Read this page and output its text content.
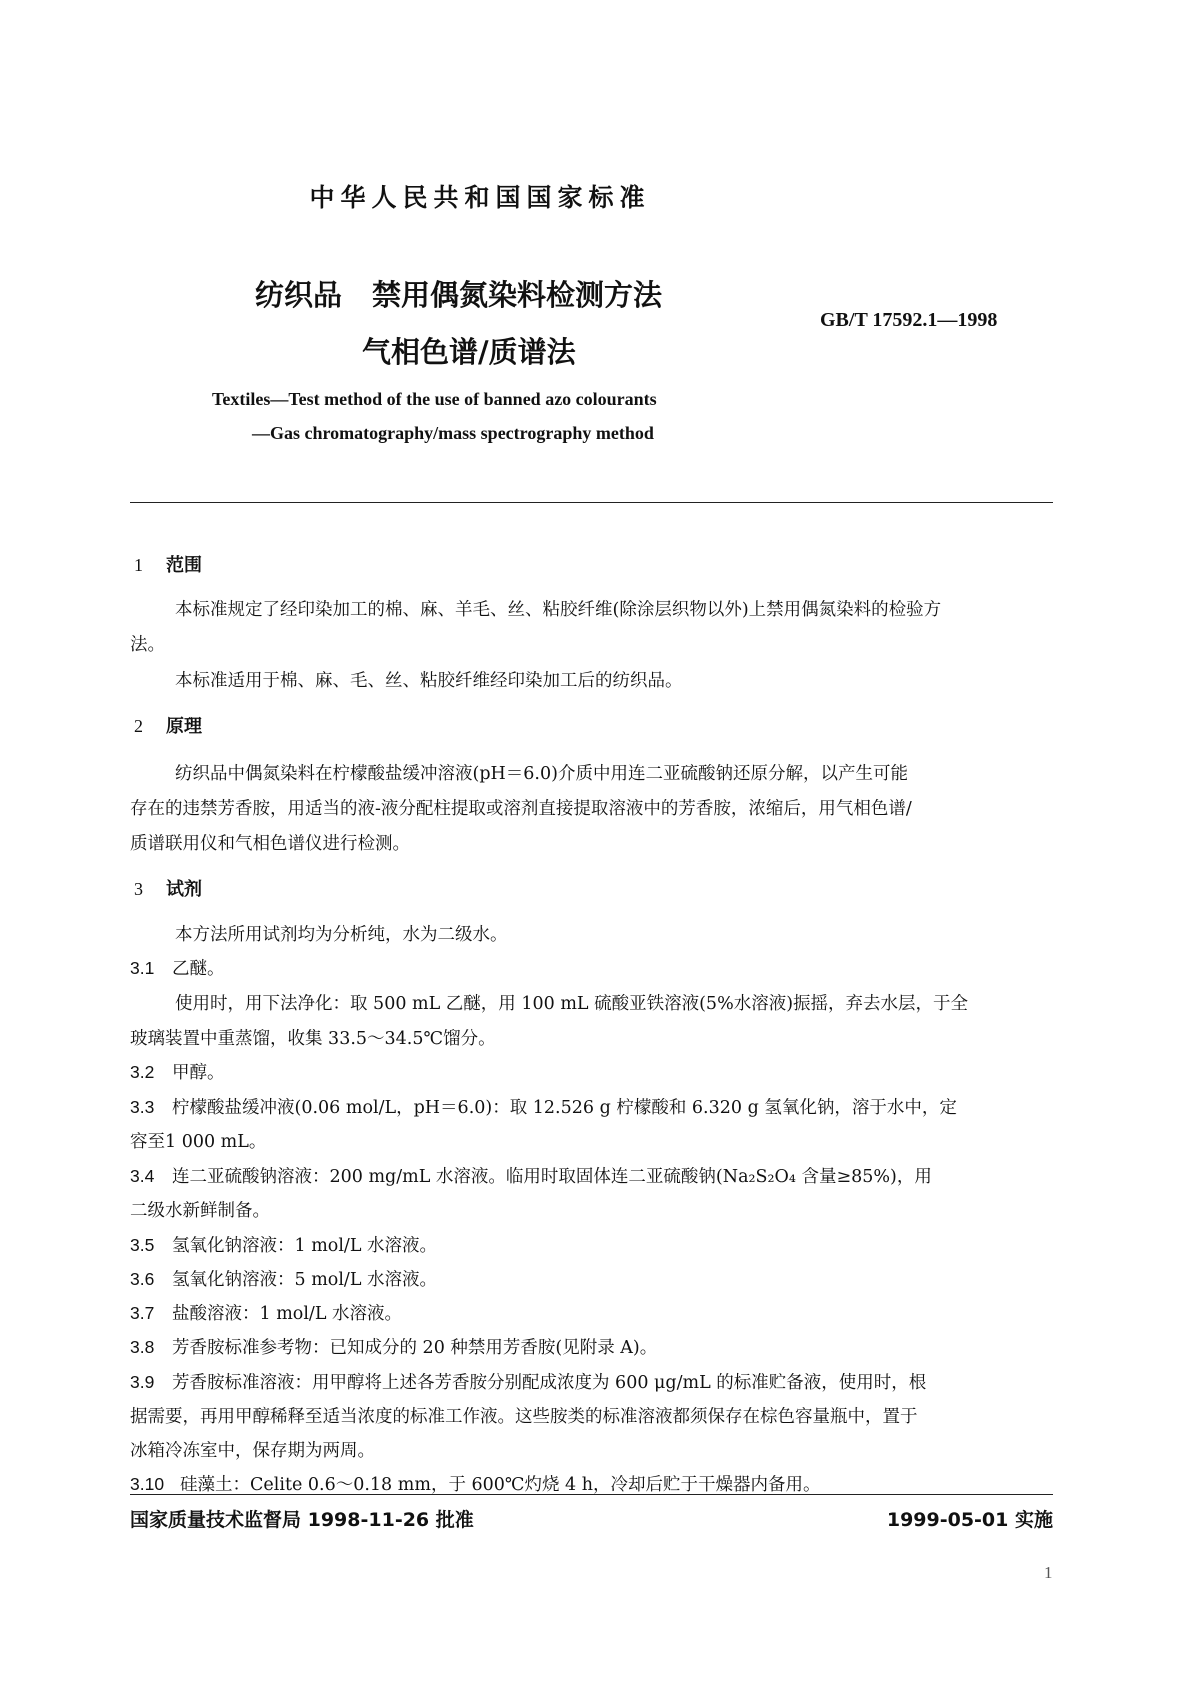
中华人民共和国国家标准
纺织品 禁用偶氮染料检测方法
气相色谱/质谱法
GB/T 17592.1—1998
Textiles—Test method of the use of banned azo colourants
—Gas chromatography/mass spectrography method
1 范围
本标准规定了经印染加工的棉、麻、羊毛、丝、粘胶纤维(除涂层织物以外)上禁用偶氮染料的检验方
法。
本标准适用于棉、麻、毛、丝、粘胶纤维经印染加工后的纺织品。
2 原理
纺织品中偶氮染料在柠檬酸盐缓冲溶液(pH＝6.0)介质中用连二亚硫酸钠还原分解，以产生可能
存在的违禁芳香胺，用适当的液-液分配柱提取或溶剂直接提取溶液中的芳香胺，浓缩后，用气相色谱/
质谱联用仪和气相色谱仪进行检测。
3 试剂
本方法所用试剂均为分析纯，水为二级水。
3.1 乙醚。
使用时，用下法净化：取 500 mL 乙醚，用 100 mL 硫酸亚铁溶液(5%水溶液)振摇，弃去水层，于全
玻璃装置中重蒸馏，收集 33.5～34.5℃馏分。
3.2 甲醇。
3.3 柠檬酸盐缓冲液(0.06 mol/L，pH＝6.0)：取 12.526 g 柠檬酸和 6.320 g 氢氧化钠，溶于水中，定
容至1 000 mL。
3.4 连二亚硫酸钠溶液：200 mg/mL 水溶液。临用时取固体连二亚硫酸钠(Na₂S₂O₄ 含量≥85%)，用
二级水新鲜制备。
3.5 氢氧化钠溶液：1 mol/L 水溶液。
3.6 氢氧化钠溶液：5 mol/L 水溶液。
3.7 盐酸溶液：1 mol/L 水溶液。
3.8 芳香胺标准参考物：已知成分的 20 种禁用芳香胺(见附录 A)。
3.9 芳香胺标准溶液：用甲醇将上述各芳香胺分别配成浓度为 600 μg/mL 的标准贮备液，使用时，根
据需要，再用甲醇稀释至适当浓度的标准工作液。这些胺类的标准溶液都须保存在棕色容量瓶中，置于
冰箱冷冻室中，保存期为两周。
3.10 硅藻土：Celite 0.6～0.18 mm，于 600℃灼烧 4 h，冷却后贮于干燥器内备用。
国家质量技术监督局 1998-11-26 批准	1999-05-01 实施
1
